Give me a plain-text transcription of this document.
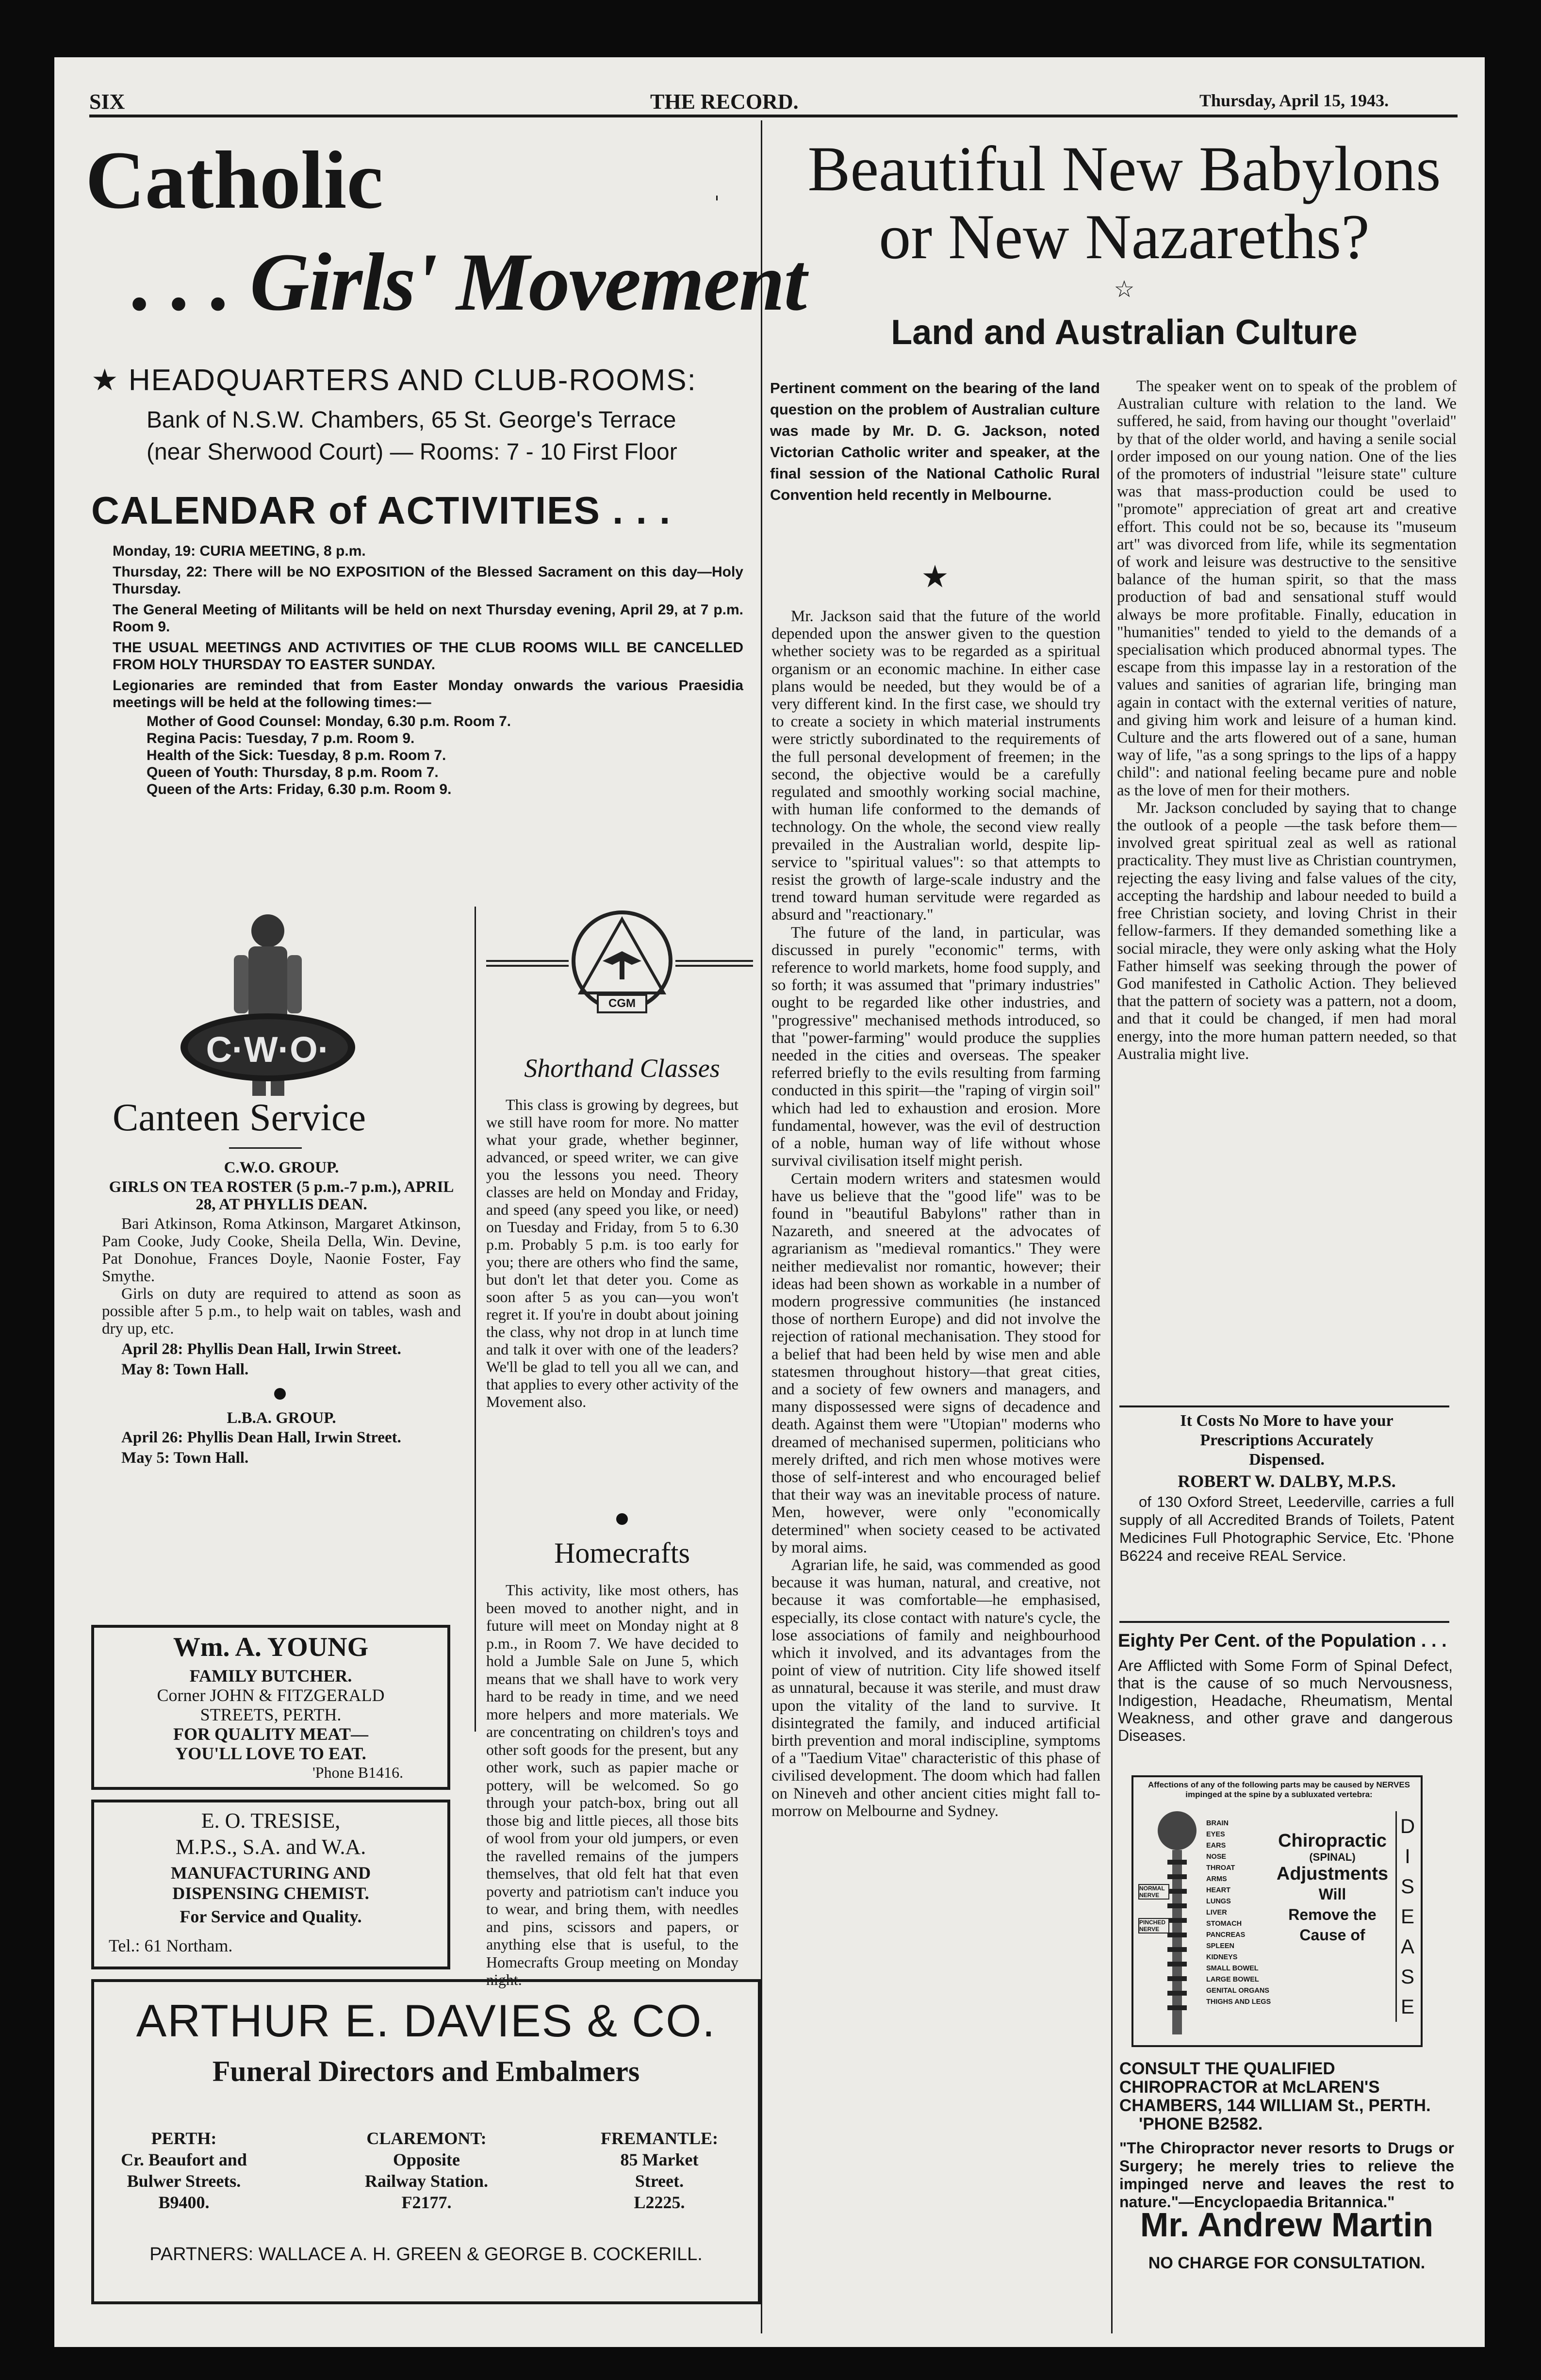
SIX	THE RECORD.	Thursday, April 15, 1943.
Catholic
. . . Girls' Movement
★ HEADQUARTERS AND CLUB-ROOMS:
Bank of N.S.W. Chambers, 65 St. George's Terrace
(near Sherwood Court) — Rooms: 7 - 10 First Floor
CALENDAR of ACTIVITIES . . .

Monday, 19: CURIA MEETING, 8 p.m.

Thursday, 22: There will be NO EXPOSITION of the Blessed Sacrament on this day—Holy Thursday.

The General Meeting of Militants will be held on next Thursday evening, April 29, at 7 p.m. Room 9.

THE USUAL MEETINGS AND ACTIVITIES OF THE CLUB ROOMS WILL BE CANCELLED FROM HOLY THURSDAY TO EASTER SUNDAY.

Legionaries are reminded that from Easter Monday onwards the various Praesidia meetings will be held at the following times:—

Mother of Good Counsel: Monday, 6.30 p.m. Room 7.

Regina Pacis: Tuesday, 7 p.m. Room 9.

Health of the Sick: Tuesday, 8 p.m. Room 7.

Queen of Youth: Thursday, 8 p.m. Room 7.

Queen of the Arts: Friday, 6.30 p.m. Room 9.

C·W·O·
Canteen Service

C.W.O. GROUP.

GIRLS ON TEA ROSTER (5 p.m.-7 p.m.), APRIL 28, AT PHYLLIS DEAN.

Bari Atkinson, Roma Atkinson, Margaret Atkinson, Pam Cooke, Judy Cooke, Sheila Della, Win. Devine, Pat Donohue, Frances Doyle, Naonie Foster, Fay Smythe.

Girls on duty are required to attend as soon as possible after 5 p.m., to help wait on tables, wash and dry up, etc.

April 28: Phyllis Dean Hall, Irwin Street.

May 8: Town Hall.

L.B.A. GROUP.

April 26: Phyllis Dean Hall, Irwin Street.

May 5: Town Hall.

CGM
Shorthand Classes

This class is growing by degrees, but we still have room for more. No matter what your grade, whether beginner, advanced, or speed writer, we can give you the lessons you need. Theory classes are held on Monday and Friday, and speed (any speed you like, or need) on Tuesday and Friday, from 5 to 6.30 p.m. Probably 5 p.m. is too early for you; there are others who find the same, but don't let that deter you. Come as soon after 5 as you can—you won't regret it. If you're in doubt about joining the class, why not drop in at lunch time and talk it over with one of the leaders? We'll be glad to tell you all we can, and that applies to every other activity of the Movement also.

Homecrafts

This activity, like most others, has been moved to another night, and in future will meet on Monday night at 8 p.m., in Room 7. We have decided to hold a Jumble Sale on June 5, which means that we shall have to work very hard to be ready in time, and we need more helpers and more materials. We are concentrating on children's toys and other soft goods for the present, but any other work, such as papier mache or pottery, will be welcomed. So go through your patch-box, bring out all those big and little pieces, all those bits of wool from your old jumpers, or even the ravelled remains of the jumpers themselves, that old felt hat that even poverty and patriotism can't induce you to wear, and bring them, with needles and pins, scissors and papers, or anything else that is useful, to the Homecrafts Group meeting on Monday night.

Wm. A. YOUNG
FAMILY BUTCHER.
Corner JOHN & FITZGERALD
STREETS, PERTH.
FOR QUALITY MEAT—
YOU'LL LOVE TO EAT.
'Phone B1416.
E. O. TRESISE,
M.P.S., S.A. and W.A.
MANUFACTURING AND
DISPENSING CHEMIST.
For Service and Quality.
Tel.: 61 Northam.
ARTHUR E. DAVIES & CO.
Funeral Directors and Embalmers
PERTH:
Cr. Beaufort and
Bulwer Streets.
B9400.
CLAREMONT:
Opposite
Railway Station.
F2177.
FREMANTLE:
85 Market
Street.
L2225.
PARTNERS: WALLACE A. H. GREEN & GEORGE B. COCKERILL.
Beautiful New Babylons
or New Nazareths?
☆
Land and Australian Culture

Pertinent comment on the bearing of the land question on the problem of Australian culture was made by Mr. D. G. Jackson, noted Victorian Catholic writer and speaker, at the final session of the National Catholic Rural Convention held recently in Melbourne.

★

Mr. Jackson said that the future of the world depended upon the answer given to the question whether society was to be regarded as a spiritual organism or an economic machine. In either case plans would be needed, but they would be of a very different kind. In the first case, we should try to create a society in which material instruments were strictly subordinated to the requirements of the full personal development of freemen; in the second, the objective would be a carefully regulated and smoothly working social machine, with human life conformed to the demands of technology. On the whole, the second view really prevailed in the Australian world, despite lip-service to "spiritual values": so that attempts to resist the growth of large-scale industry and the trend toward human servitude were regarded as absurd and "reactionary."

The future of the land, in particular, was discussed in purely "economic" terms, with reference to world markets, home food supply, and so forth; it was assumed that "primary industries" ought to be regarded like other industries, and "progressive" mechanised methods introduced, so that "power-farming" would produce the supplies needed in the cities and overseas. The speaker referred briefly to the evils resulting from farming conducted in this spirit—the "raping of virgin soil" which had led to exhaustion and erosion. More fundamental, however, was the evil of destruction of a noble, human way of life without whose survival civilisation itself might perish.

Certain modern writers and statesmen would have us believe that the "good life" was to be found in "beautiful Babylons" rather than in Nazareth, and sneered at the advocates of agrarianism as "medieval romantics." They were neither medievalist nor romantic, however; their ideas had been shown as workable in a number of modern progressive communities (he instanced those of northern Europe) and did not involve the rejection of rational mechanisation. They stood for a belief that had been held by wise men and able statesmen throughout history—that great cities, and a society of few owners and managers, and many dispossessed were signs of decadence and death. Against them were "Utopian" moderns who dreamed of mechanised supermen, politicians who merely drifted, and rich men whose motives were those of self-interest and who encouraged belief that their way was an inevitable process of nature. Men, however, were only "economically determined" when society ceased to be activated by moral aims.

Agrarian life, he said, was commended as good because it was human, natural, and creative, not because it was comfortable—he emphasised, especially, its close contact with nature's cycle, the lose associations of family and neighbourhood which it involved, and its advantages from the point of view of nutrition. City life showed itself as unnatural, because it was sterile, and must draw upon the vitality of the land to survive. It disintegrated the family, and induced artificial birth prevention and moral indiscipline, symptoms of a "Taedium Vitae" characteristic of this phase of civilised development. The doom which had fallen on Nineveh and other ancient cities might fall to-morrow on Melbourne and Sydney.

The speaker went on to speak of the problem of Australian culture with relation to the land. We suffered, he said, from having our thought "overlaid" by that of the older world, and having a senile social order imposed on our young nation. One of the lies of the promoters of industrial "leisure state" culture was that mass-production could be used to "promote" appreciation of great art and creative effort. This could not be so, because its "museum art" was divorced from life, while its segmentation of work and leisure was destructive to the sensitive balance of the human spirit, so that the mass production of bad and sensational stuff would always be more profitable. Finally, education in "humanities" tended to yield to the demands of a specialisation which produced abnormal types. The escape from this impasse lay in a restoration of the values and sanities of agrarian life, bringing man again in contact with the external verities of nature, and giving him work and leisure of a human kind. Culture and the arts flowered out of a sane, human way of life, "as a song springs to the lips of a happy child": and national feeling became pure and noble as the love of men for their mothers.

Mr. Jackson concluded by saying that to change the outlook of a people —the task before them—involved great spiritual zeal as well as rational practicality. They must live as Christian countrymen, rejecting the easy living and false values of the city, accepting the hardship and labour needed to build a free Christian society, and loving Christ in their fellow-farmers. If they demanded something like a social miracle, they were only asking what the Holy Father himself was seeking through the power of God manifested in Catholic Action. They believed that the pattern of society was a pattern, not a doom, and that it could be changed, if men had moral energy, into the more human pattern needed, so that Australia might live.

It Costs No More to have your
Prescriptions Accurately
Dispensed.
ROBERT W. DALBY, M.P.S.

of 130 Oxford Street, Leederville, carries a full supply of all Accredited Brands of Toilets, Patent Medicines Full Photographic Service, Etc. 'Phone B6224 and receive REAL Service.

Eighty Per Cent. of the Population . . .
Are Afflicted with Some Form of Spinal Defect, that is the cause of so much Nervousness, Indigestion, Headache, Rheumatism, Mental Weakness, and other grave and dangerous Diseases.
Affections of any of the following parts may be caused by NERVES impinged at the spine by a subluxated vertebra:
NORMAL NERVE
PINCHED NERVE
BRAIN
EYES
EARS
NOSE
THROAT
ARMS
HEART
LUNGS
LIVER
STOMACH
PANCREAS
SPLEEN
KIDNEYS
SMALL BOWEL
LARGE BOWEL
GENITAL ORGANS
THIGHS AND LEGS
Chiropractic
(SPINAL)
Adjustments
Will
Remove the
Cause of
D
I
S
E
A
S
E
CONSULT THE QUALIFIED CHIROPRACTOR at McLAREN'S CHAMBERS, 144 WILLIAM St., PERTH. 'PHONE B2582.
"The Chiropractor never resorts to Drugs or Surgery; he merely tries to relieve the impinged nerve and leaves the rest to nature."—Encyclopaedia Britannica."
Mr. Andrew Martin
NO CHARGE FOR CONSULTATION.
